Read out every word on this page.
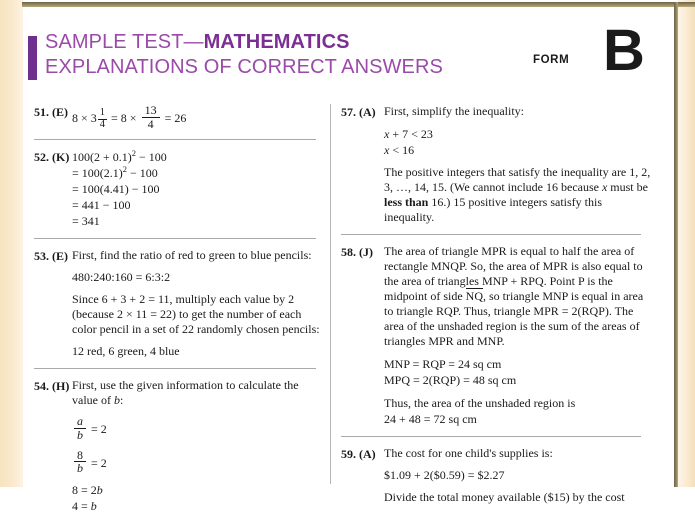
SAMPLE TEST—MATHEMATICS
EXPLANATIONS OF CORRECT ANSWERS	FORM B
51. (E) $8 \times 3 \frac{1}{4} = 8 \times \frac{13}{4} = 26$
52. (K) $100(2 + 0.1)^2 - 100$
= $100(2.1)^2 - 100$
= 100(4.41) − 100
= 441 − 100
= 341
53. (E) First, find the ratio of red to green to blue pencils:

480:240:160 = 6:3:2

Since 6 + 3 + 2 = 11, multiply each value by 2 (because 2 × 11 = 22) to get the number of each color pencil in a set of 22 randomly chosen pencils:

12 red, 6 green, 4 blue

54. (H) First, use the given information to calculate the value of b:

$\frac{a}{b} = 2$
$\frac{8}{b} = 2$
8 = 2b
4 = b
57. (A) First, simplify the inequality:

x + 7 < 23
x < 16

The positive integers that satisfy the inequality are 1, 2, 3, …, 14, 15. (We cannot include 16 because x must be less than 16.) 15 positive integers satisfy this inequality.

58. (J) The area of triangle MPR is equal to half the area of rectangle MNQP. So, the area of MPR is also equal to the area of triangles MNP + RPQ. Point P is the midpoint of side NQ, so triangle MNP is equal in area to triangle RQP. Thus, triangle MPR = 2(RQP). The area of the unshaded region is the sum of the areas of triangles MPR and MNP.

MNP = RQP = 24 sq cm
MPQ = 2(RQP) = 48 sq cm
Thus, the area of the unshaded region is
24 + 48 = 72 sq cm
59. (A) The cost for one child's supplies is:

$1.09 + 2($0.59) = $2.27

Divide the total money available ($15) by the cost
